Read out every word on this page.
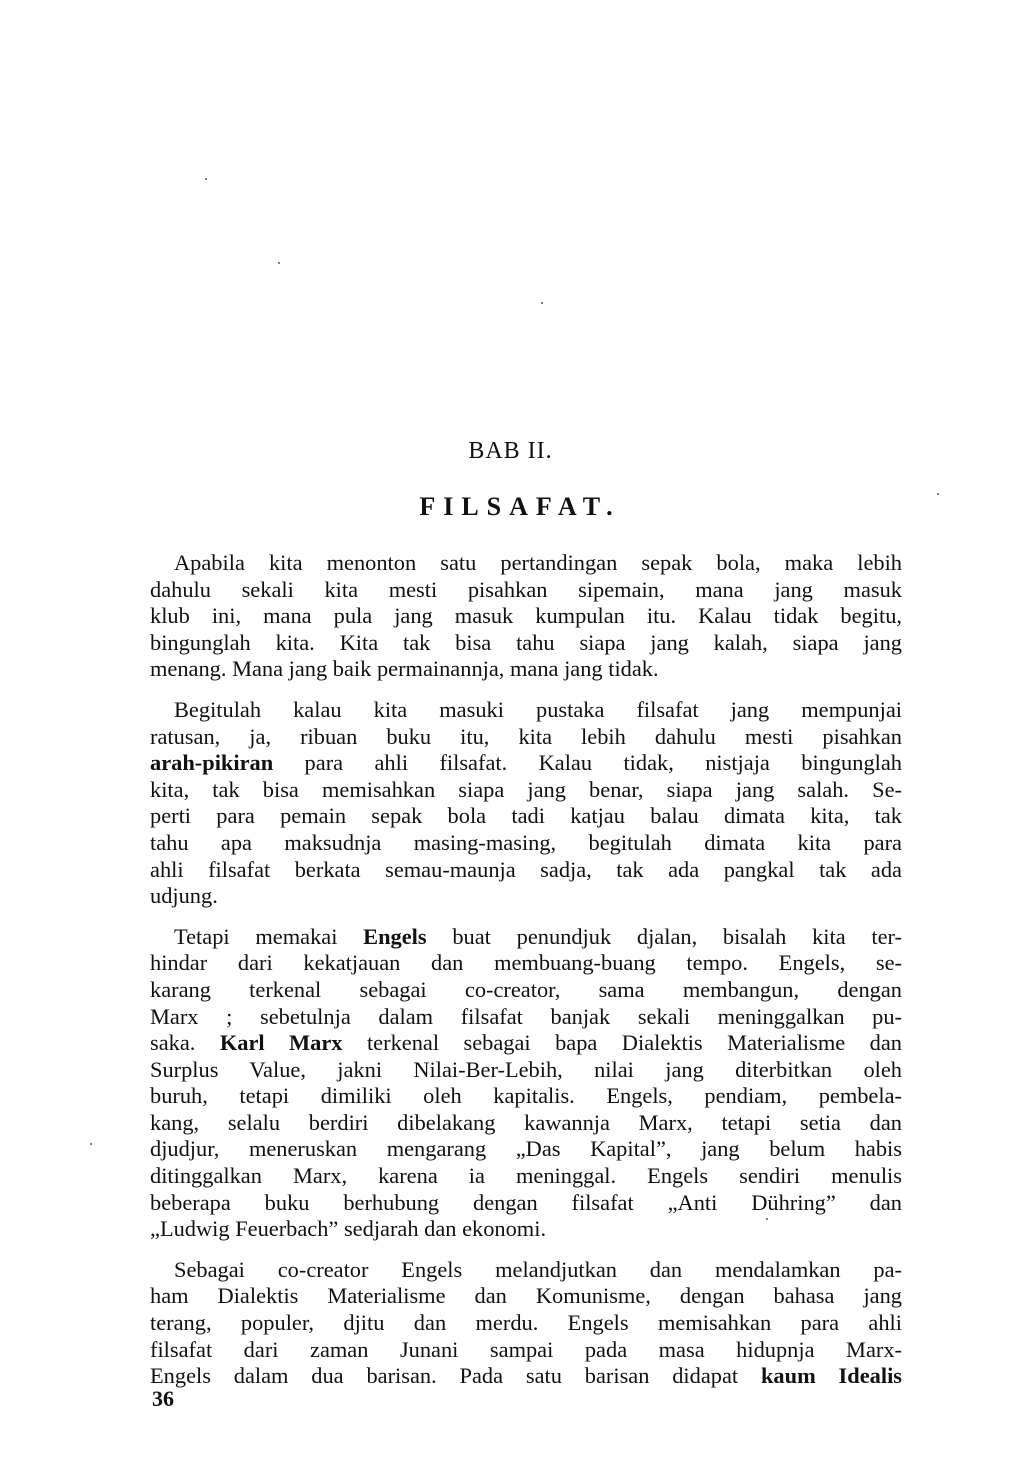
BAB II.
FILSAFAT.
Apabila kita menonton satu pertandingan sepak bola, maka lebih
dahulu sekali kita mesti pisahkan sipemain, mana jang masuk
klub ini, mana pula jang masuk kumpulan itu. Kalau tidak begitu,
bingunglah kita. Kita tak bisa tahu siapa jang kalah, siapa jang
menang. Mana jang baik permainannja, mana jang tidak.
Begitulah kalau kita masuki pustaka filsafat jang mempunjai
ratusan, ja, ribuan buku itu, kita lebih dahulu mesti pisahkan
arah-pikiran para ahli filsafat. Kalau tidak, nistjaja bingunglah
kita, tak bisa memisahkan siapa jang benar, siapa jang salah. Se-
perti para pemain sepak bola tadi katjau balau dimata kita, tak
tahu apa maksudnja masing-masing, begitulah dimata kita para
ahli filsafat berkata semau-maunja sadja, tak ada pangkal tak ada
udjung.
Tetapi memakai Engels buat penundjuk djalan, bisalah kita ter-
hindar dari kekatjauan dan membuang-buang tempo. Engels, se-
karang terkenal sebagai co-creator, sama membangun, dengan
Marx ; sebetulnja dalam filsafat banjak sekali meninggalkan pu-
saka. Karl Marx terkenal sebagai bapa Dialektis Materialisme dan
Surplus Value, jakni Nilai-Ber-Lebih, nilai jang diterbitkan oleh
buruh, tetapi dimiliki oleh kapitalis. Engels, pendiam, pembela-
kang, selalu berdiri dibelakang kawannja Marx, tetapi setia dan
djudjur, meneruskan mengarang „Das Kapital”, jang belum habis
ditinggalkan Marx, karena ia meninggal. Engels sendiri menulis
beberapa buku berhubung dengan filsafat „Anti Dühring” dan
„Ludwig Feuerbach” sedjarah dan ekonomi.
Sebagai co-creator Engels melandjutkan dan mendalamkan pa-
ham Dialektis Materialisme dan Komunisme, dengan bahasa jang
terang, populer, djitu dan merdu. Engels memisahkan para ahli
filsafat dari zaman Junani sampai pada masa hidupnja Marx-
Engels dalam dua barisan. Pada satu barisan didapat kaum Idealis
36
